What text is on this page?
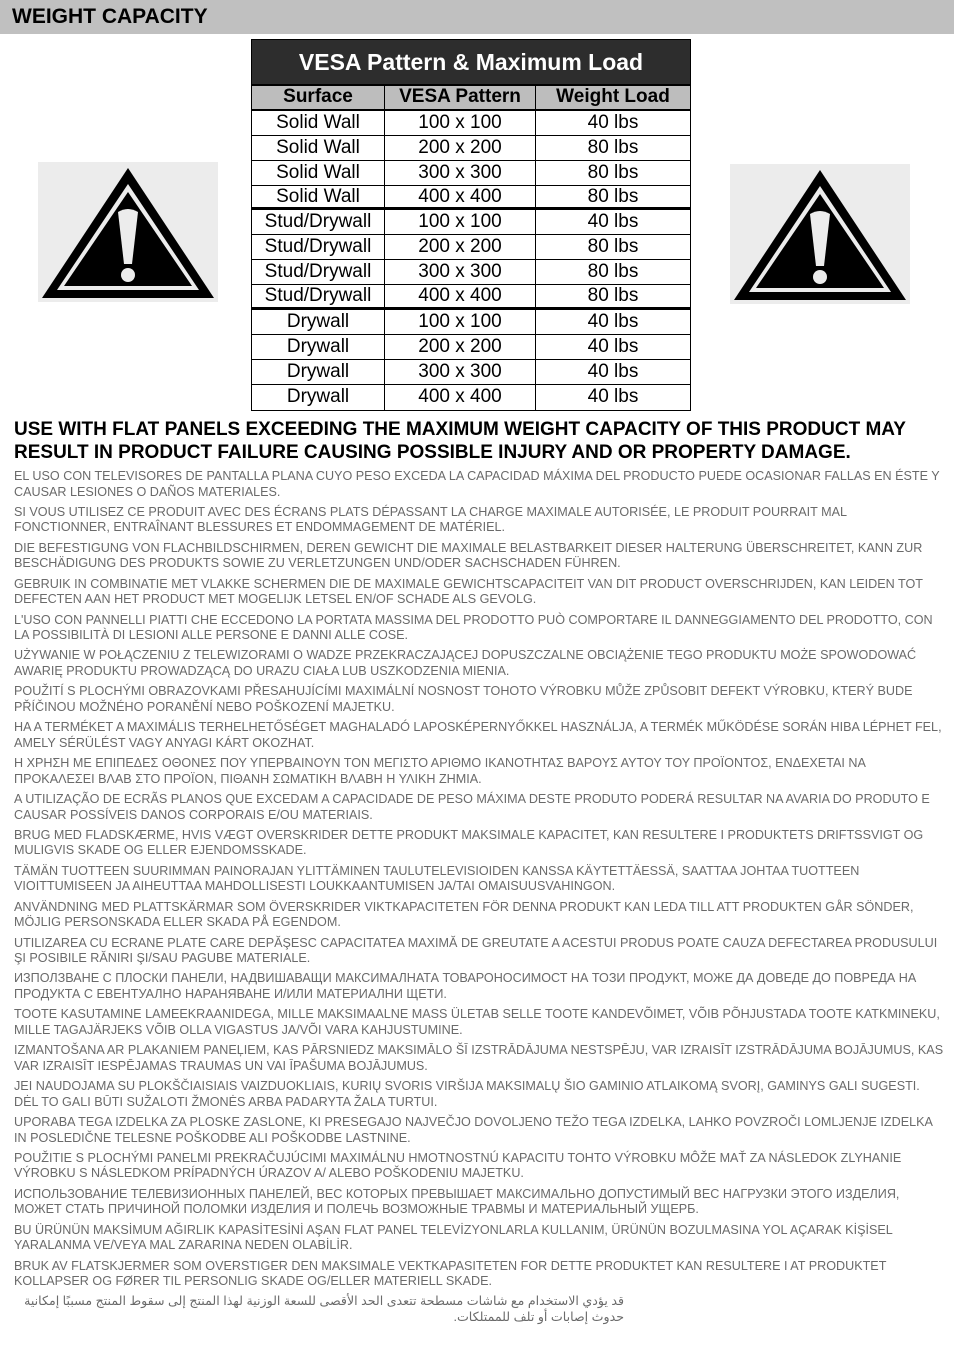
WEIGHT CAPACITY
VESA Pattern & Maximum Load
Surface	VESA Pattern	Weight Load
Solid Wall	100 x 100	40 lbs
Solid Wall	200 x 200	80 lbs
Solid Wall	300 x 300	80 lbs
Solid Wall	400 x 400	80 lbs
Stud/Drywall	100 x 100	40 lbs
Stud/Drywall	200 x 200	80 lbs
Stud/Drywall	300 x 300	80 lbs
Stud/Drywall	400 x 400	80 lbs
Drywall	100 x 100	40 lbs
Drywall	200 x 200	40 lbs
Drywall	300 x 300	40 lbs
Drywall	400 x 400	40 lbs
USE WITH FLAT PANELS EXCEEDING THE MAXIMUM WEIGHT CAPACITY OF THIS PRODUCT MAY RESULT IN PRODUCT FAILURE CAUSING POSSIBLE INJURY AND OR PROPERTY DAMAGE.

EL USO CON TELEVISORES DE PANTALLA PLANA CUYO PESO EXCEDA LA CAPACIDAD MÁXIMA DEL PRODUCTO PUEDE OCASIONAR FALLAS EN ÉSTE Y CAUSAR LESIONES O DAÑOS MATERIALES.

SI VOUS UTILISEZ CE PRODUIT AVEC DES ÉCRANS PLATS DÉPASSANT LA CHARGE MAXIMALE AUTORISÉE, LE PRODUIT POURRAIT MAL FONCTIONNER, ENTRAÎNANT BLESSURES ET ENDOMMAGEMENT DE MATÉRIEL.

DIE BEFESTIGUNG VON FLACHBILDSCHIRMEN, DEREN GEWICHT DIE MAXIMALE BELASTBARKEIT DIESER HALTERUNG ÜBERSCHREITET, KANN ZUR BESCHÄDIGUNG DES PRODUKTS SOWIE ZU VERLETZUNGEN UND/ODER SACHSCHADEN FÜHREN.

GEBRUIK IN COMBINATIE MET VLAKKE SCHERMEN DIE DE MAXIMALE GEWICHTSCAPACITEIT VAN DIT PRODUCT OVERSCHRIJDEN, KAN LEIDEN TOT DEFECTEN AAN HET PRODUCT MET MOGELIJK LETSEL EN/OF SCHADE ALS GEVOLG.

L'USO CON PANNELLI PIATTI CHE ECCEDONO LA PORTATA MASSIMA DEL PRODOTTO PUÒ COMPORTARE IL DANNEGGIAMENTO DEL PRODOTTO, CON LA POSSIBILITÀ DI LESIONI ALLE PERSONE E DANNI ALLE COSE.

UŻYWANIE W POŁĄCZENIU Z TELEWIZORAMI O WADZE PRZEKRACZAJĄCEJ DOPUSZCZALNE OBCIĄŻENIE TEGO PRODUKTU MOŻE SPOWODOWAĆ AWARIĘ PRODUKTU PROWADZĄCĄ DO URAZU CIAŁA LUB USZKODZENIA MIENIA.

POUŽITÍ S PLOCHÝMI OBRAZOVKAMI PŘESAHUJÍCÍMI MAXIMÁLNÍ NOSNOST TOHOTO VÝROBKU MŮŽE ZPŮSOBIT DEFEKT VÝROBKU, KTERÝ BUDE PŘÍČINOU MOŽNÉHO PORANĚNÍ NEBO POŠKOZENÍ MAJETKU.

HA A TERMÉKET A MAXIMÁLIS TERHELHETŐSÉGET MAGHALADÓ LAPOSKÉPERNYŐKKEL HASZNÁLJA, A TERMÉK MŰKÖDÉSE SORÁN HIBA LÉPHET FEL, AMELY SÉRÜLÉST VAGY ANYAGI KÁRT OKOZHAT.

Η ΧΡΗΣΗ ΜΕ ΕΠΙΠΕΔΕΣ ΟΘΟΝΕΣ ΠΟΥ ΥΠΕΡΒΑΙΝΟΥΝ ΤΟΝ ΜΕΓΙΣΤΟ ΑΡΙΘΜΟ ΙΚΑΝΟΤΗΤΑΣ ΒΑΡΟΥΣ ΑΥΤΟΥ ΤΟΥ ΠΡΟΪΟΝΤΟΣ, ΕΝΔΕΧΕΤΑΙ ΝΑ ΠΡΟΚΑΛΕΣΕΙ ΒΛΑΒ ΣΤΟ ΠΡΟΪΟΝ, ΠΙΘΑΝΗ ΣΩΜΑΤΙΚΗ ΒΛΑΒΗ Η ΥΛΙΚΗ ΖΗΜΙΑ.

A UTILIZAÇÃO DE ECRÃS PLANOS QUE EXCEDAM A CAPACIDADE DE PESO MÁXIMA DESTE PRODUTO PODERÁ RESULTAR NA AVARIA DO PRODUTO E CAUSAR POSSÍVEIS DANOS CORPORAIS E/OU MATERIAIS.

BRUG MED FLADSKÆRME, HVIS VÆGT OVERSKRIDER DETTE PRODUKT MAKSIMALE KAPACITET, KAN RESULTERE I PRODUKTETS DRIFTSSVIGT OG MULIGVIS SKADE OG ELLER EJENDOMSSKADE.

TÄMÄN TUOTTEEN SUURIMMAN PAINORAJAN YLITTÄMINEN TAULUTELEVISIOIDEN KANSSA KÄYTETTÄESSÄ, SAATTAA JOHTAA TUOTTEEN VIOITTUMISEEN JA AIHEUTTAA MAHDOLLISESTI LOUKKAANTUMISEN JA/TAI OMAISUUSVAHINGON.

ANVÄNDNING MED PLATTSKÄRMAR SOM ÖVERSKRIDER VIKTKAPACITETEN FÖR DENNA PRODUKT KAN LEDA TILL ATT PRODUKTEN GÅR SÖNDER, MÖJLIG PERSONSKADA ELLER SKADA PÅ EGENDOM.

UTILIZAREA CU ECRANE PLATE CARE DEPĂŞESC CAPACITATEA MAXIMĂ DE GREUTATE A ACESTUI PRODUS POATE CAUZA DEFECTAREA PRODUSULUI ŞI POSIBILE RĂNIRI ŞI/SAU PAGUBE MATERIALE.

ИЗПОЛЗВАНЕ С ПЛОСКИ ПАНЕЛИ, НАДВИШАВАЩИ МАКСИМАЛНАТА ТОВАРОНОСИМОСТ НА ТОЗИ ПРОДУКТ, МОЖЕ ДА ДОВЕДЕ ДО ПОВРЕДА НА ПРОДУКТА С ЕВЕНТУАЛНО НАРАНЯВАНЕ И/ИЛИ МАТЕРИАЛНИ ЩЕТИ.

TOOTE KASUTAMINE LAMEEKRAANIDEGA, MILLE MAKSIMAALNE MASS ÜLETAB SELLE TOOTE KANDEVÕIMET, VÕIB PÕHJUSTADA TOOTE KATKMINEKU, MILLE TAGAJÄRJEKS VÕIB OLLA VIGASTUS JA/VÕI VARA KAHJUSTUMINE.

IZMANTOŠANA AR PLAKANIEM PANEĻIEM, KAS PĀRSNIEDZ MAKSIMĀLO ŠĪ IZSTRĀDĀJUMA NESTSPĒJU, VAR IZRAISĪT IZSTRĀDĀJUMA BOJĀJUMUS, KAS VAR IZRAISĪT IESPĒJAMAS TRAUMAS UN VAI ĪPAŠUMA BOJĀJUMUS.

JEI NAUDOJAMA SU PLOKŠČIAISIAIS VAIZDUOKLIAIS, KURIŲ SVORIS VIRŠIJA MAKSIMALŲ ŠIO GAMINIO ATLAIKOMĄ SVORĮ, GAMINYS GALI SUGESTI. DĖL TO GALI BŪTI SUŽALOTI ŽMONĖS ARBA PADARYTA ŽALA TURTUI.

UPORABA TEGA IZDELKA ZA PLOSKE ZASLONE, KI PRESEGAJO NAJVEČJO DOVOLJENO TEŽO TEGA IZDELKA, LAHKO POVZROČI LOMLJENJE IZDELKA IN POSLEDIČNE TELESNE POŠKODBE ALI POŠKODBE LASTNINE.

POUŽITIE S PLOCHÝMI PANELMI PREKRAČUJÚCIMI MAXIMÁLNU HMOTNOSTNÚ KAPACITU TOHTO VÝROBKU MÔŽE MAŤ ZA NÁSLEDOK ZLYHANIE VÝROBKU S NÁSLEDKOM PRÍPADNÝCH ÚRAZOV A/ ALEBO POŠKODENIU MAJETKU.

ИСПОЛЬЗОВАНИЕ ТЕЛЕВИЗИОННЫХ ПАНЕЛЕЙ, ВЕС КОТОРЫХ ПРЕВЫШАЕТ МАКСИМАЛЬНО ДОПУСТИМЫЙ ВЕС НАГРУЗКИ ЭТОГО ИЗДЕЛИЯ, МОЖЕТ СТАТЬ ПРИЧИНОЙ ПОЛОМКИ ИЗДЕЛИЯ И ПОЛЕЧЬ ВОЗМОЖНЫЕ ТРАВМЫ И МАТЕРИАЛЬНЫЙ УЩЕРБ.

BU ÜRÜNÜN MAKSİMUM AĞIRLIK KAPASİTESİNİ AŞAN FLAT PANEL TELEVİZYONLARLA KULLANIM, ÜRÜNÜN BOZULMASINA YOL AÇARAK KİŞİSEL YARALANMA VE/VEYA MAL ZARARINA NEDEN OLABİLİR.

BRUK AV FLATSKJERMER SOM OVERSTIGER DEN MAKSIMALE VEKTKAPASITETEN FOR DETTE PRODUKTET KAN RESULTERE I AT PRODUKTET KOLLAPSER OG FØRER TIL PERSONLIG SKADE OG/ELLER MATERIELL SKADE.

قد يؤدي الاستخدام مع شاشات مسطحة تتعدى الحد الأقصى للسعة الوزنية لهذا المنتج إلى سقوط المنتج مسببًا إمكانية حدوث إصابات أو تلف للممتلكات.
